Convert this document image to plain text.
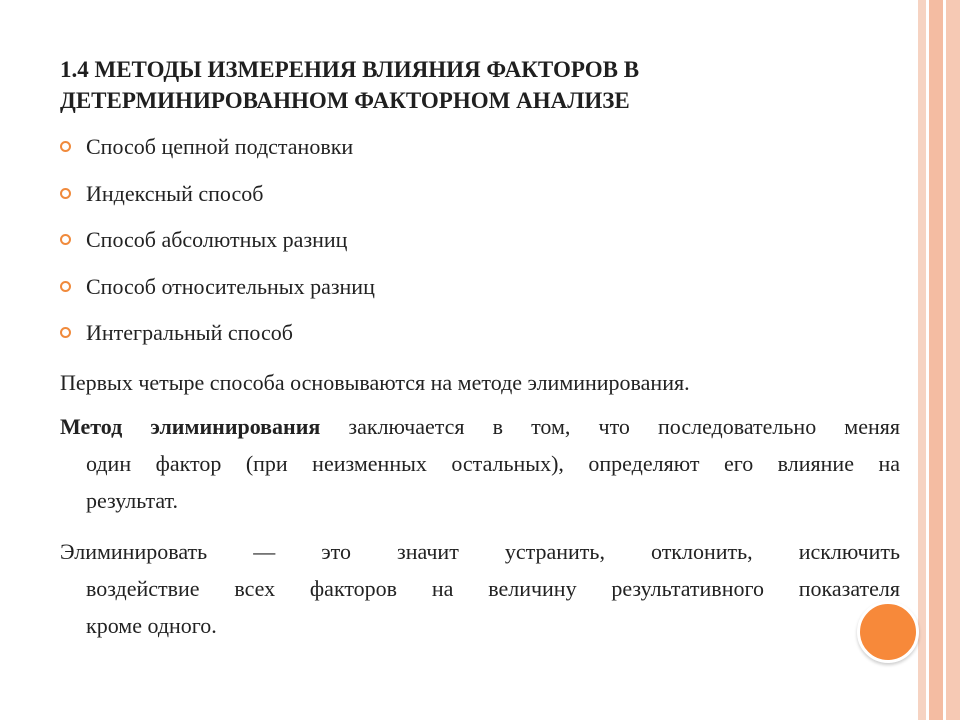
1.4 МЕТОДЫ ИЗМЕРЕНИЯ ВЛИЯНИЯ ФАКТОРОВ В
ДЕТЕРМИНИРОВАННОМ ФАКТОРНОМ АНАЛИЗЕ
Способ цепной подстановки
Индексный способ
Способ абсолютных разниц
Способ относительных разниц
Интегральный способ

Первых четыре способа основываются на методе элиминирования.

Метод элиминирования заключается в том, что последовательно меняя
один фактор (при неизменных остальных), определяют его влияние на
результат.
Элиминировать — это значит устранить, отклонить, исключить
воздействие всех факторов на величину результативного показателя
кроме одного.
